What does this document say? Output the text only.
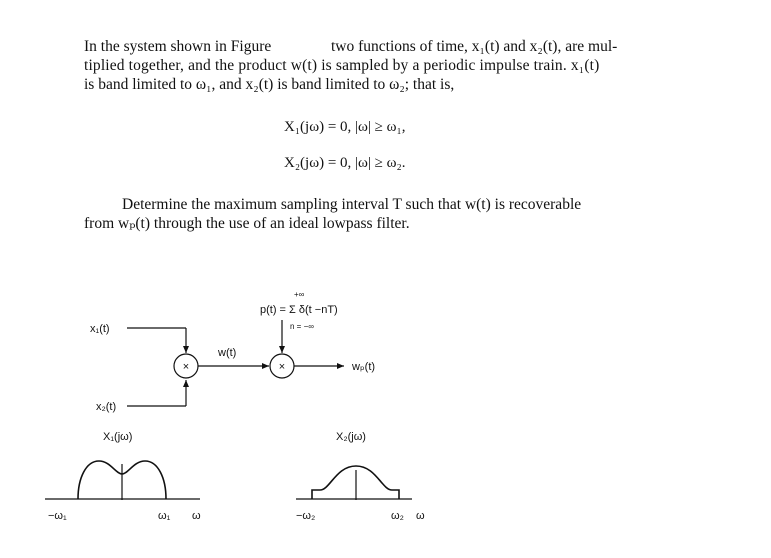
In the system shown in Figure	two functions of time, x₁(t) and x₂(t), are mul-
tiplied together, and the product w(t) is sampled by a periodic impulse train. x₁(t)
is band limited to ω₁, and x₂(t) is band limited to ω₂; that is,
X₁(jω) = 0, |ω| ≥ ω₁,
X₂(jω) = 0, |ω| ≥ ω₂.
Determine the maximum sampling interval T such that w(t) is recoverable
from wₚ(t) through the use of an ideal lowpass filter.
x₁(t)
×
x₂(t)
w(t)
×
+∞
p(t) = Σ δ(t −nT)
n = −∞
wₚ(t)
X₁(jω)
−ω₁	ω₁ ω
X₂(jω)
−ω₂	ω₂ ω
